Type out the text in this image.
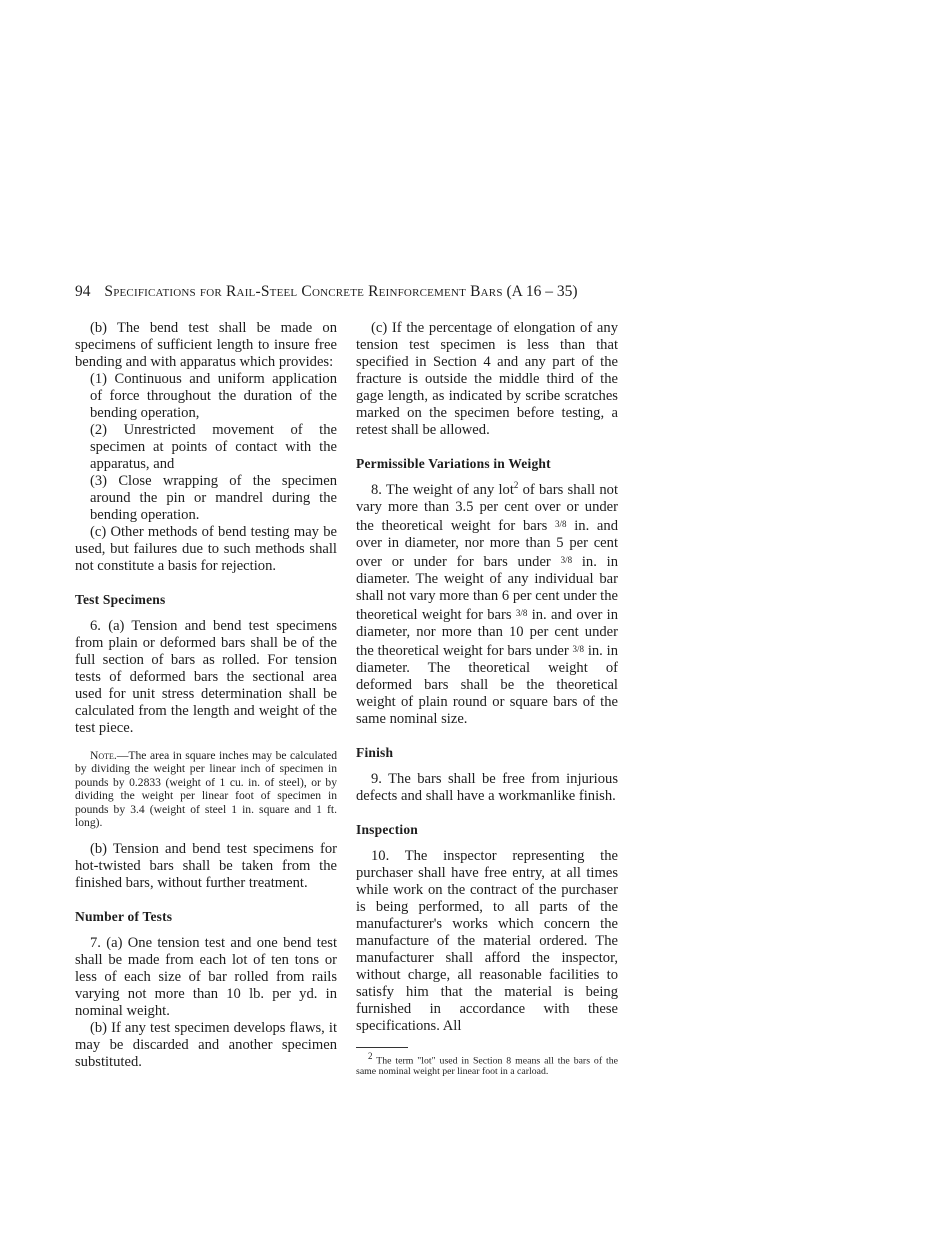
94 Specifications for Rail-Steel Concrete Reinforcement Bars (A 16 – 35)

(b) The bend test shall be made on specimens of sufficient length to insure free bending and with apparatus which provides:

(1) Continuous and uniform application of force throughout the duration of the bending operation,

(2) Unrestricted movement of the specimen at points of contact with the apparatus, and

(3) Close wrapping of the specimen around the pin or mandrel during the bending operation.

(c) Other methods of bend testing may be used, but failures due to such methods shall not constitute a basis for rejection.

Test Specimens

6. (a) Tension and bend test specimens from plain or deformed bars shall be of the full section of bars as rolled. For tension tests of deformed bars the sectional area used for unit stress determination shall be calculated from the length and weight of the test piece.

Note.—The area in square inches may be calculated by dividing the weight per linear inch of specimen in pounds by 0.2833 (weight of 1 cu. in. of steel), or by dividing the weight per linear foot of specimen in pounds by 3.4 (weight of steel 1 in. square and 1 ft. long).

(b) Tension and bend test specimens for hot-twisted bars shall be taken from the finished bars, without further treatment.

Number of Tests

7. (a) One tension test and one bend test shall be made from each lot of ten tons or less of each size of bar rolled from rails varying not more than 10 lb. per yd. in nominal weight.

(b) If any test specimen develops flaws, it may be discarded and another specimen substituted.

(c) If the percentage of elongation of any tension test specimen is less than that specified in Section 4 and any part of the fracture is outside the middle third of the gage length, as indicated by scribe scratches marked on the specimen before testing, a retest shall be allowed.

Permissible Variations in Weight

8. The weight of any lot$^2$ of bars shall not vary more than 3.5 per cent over or under the theoretical weight for bars $^{3/8}$ in. and over in diameter, nor more than 5 per cent over or under for bars under $^{3/8}$ in. in diameter. The weight of any individual bar shall not vary more than 6 per cent under the theoretical weight for bars $^{3/8}$ in. and over in diameter, nor more than 10 per cent under the theoretical weight for bars under $^{3/8}$ in. in diameter. The theoretical weight of deformed bars shall be the theoretical weight of plain round or square bars of the same nominal size.

Finish

9. The bars shall be free from injurious defects and shall have a workmanlike finish.

Inspection

10. The inspector representing the purchaser shall have free entry, at all times while work on the contract of the purchaser is being performed, to all parts of the manufacturer's works which concern the manufacture of the material ordered. The manufacturer shall afford the inspector, without charge, all reasonable facilities to satisfy him that the material is being furnished in accordance with these specifications. All

$^2$ The term "lot" used in Section 8 means all the bars of the same nominal weight per linear foot in a carload.
